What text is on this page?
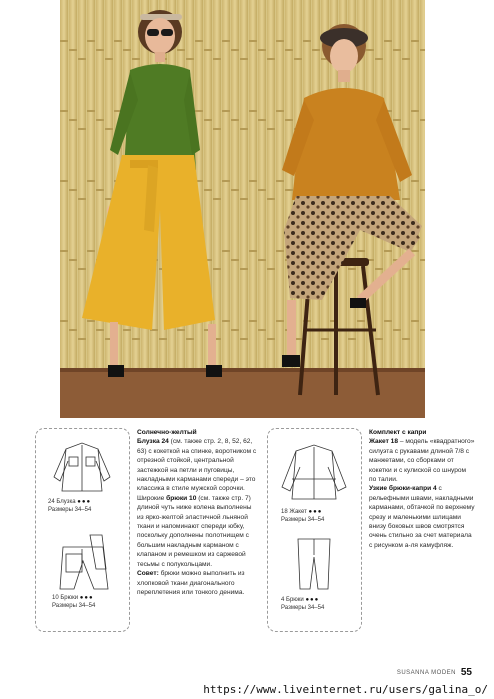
24 Блузка ●●●
Размеры 34–54
10 Брюки ●●●
Размеры 34–54

Солнечно-желтый

Блузка 24 (см. также стр. 2, 8, 52, 62, 63) с кокеткой на спинке, воротником с отрезной стойкой, центральной застежкой на петли и пуговицы, накладными карманами спереди – это классика в стиле мужской сорочки.

Широкие брюки 10 (см. также стр. 7) длиной чуть ниже колена выполнены из ярко-желтой эластичной льняной ткани и напоминают спереди юбку, поскольку дополнены полотнищем с большим накладным карманом с клапаном и ремешком из саржевой тесьмы с полукольцами.

Совет: брюки можно выполнить из хлопковой ткани диагонального переплетения или тонкого денима.

18 Жакет ●●●
Размеры 34–54
4 Брюки ●●●
Размеры 34–54

Комплект с капри

Жакет 18 – модель «квадратного» силуэта с рукавами длиной 7/8 с манжетами, со сборками от кокетки и с кулиской со шнуром по талии.

Узкие брюки-капри 4 с рельефными швами, накладными карманами, обтачкой по верхнему срезу и маленькими шлицами внизу боковых швов смотрятся очень стильно за счет материала с рисунком а-ля камуфляж.

SUSANNA MODEN 55
https://www.liveinternet.ru/users/galina_o/
